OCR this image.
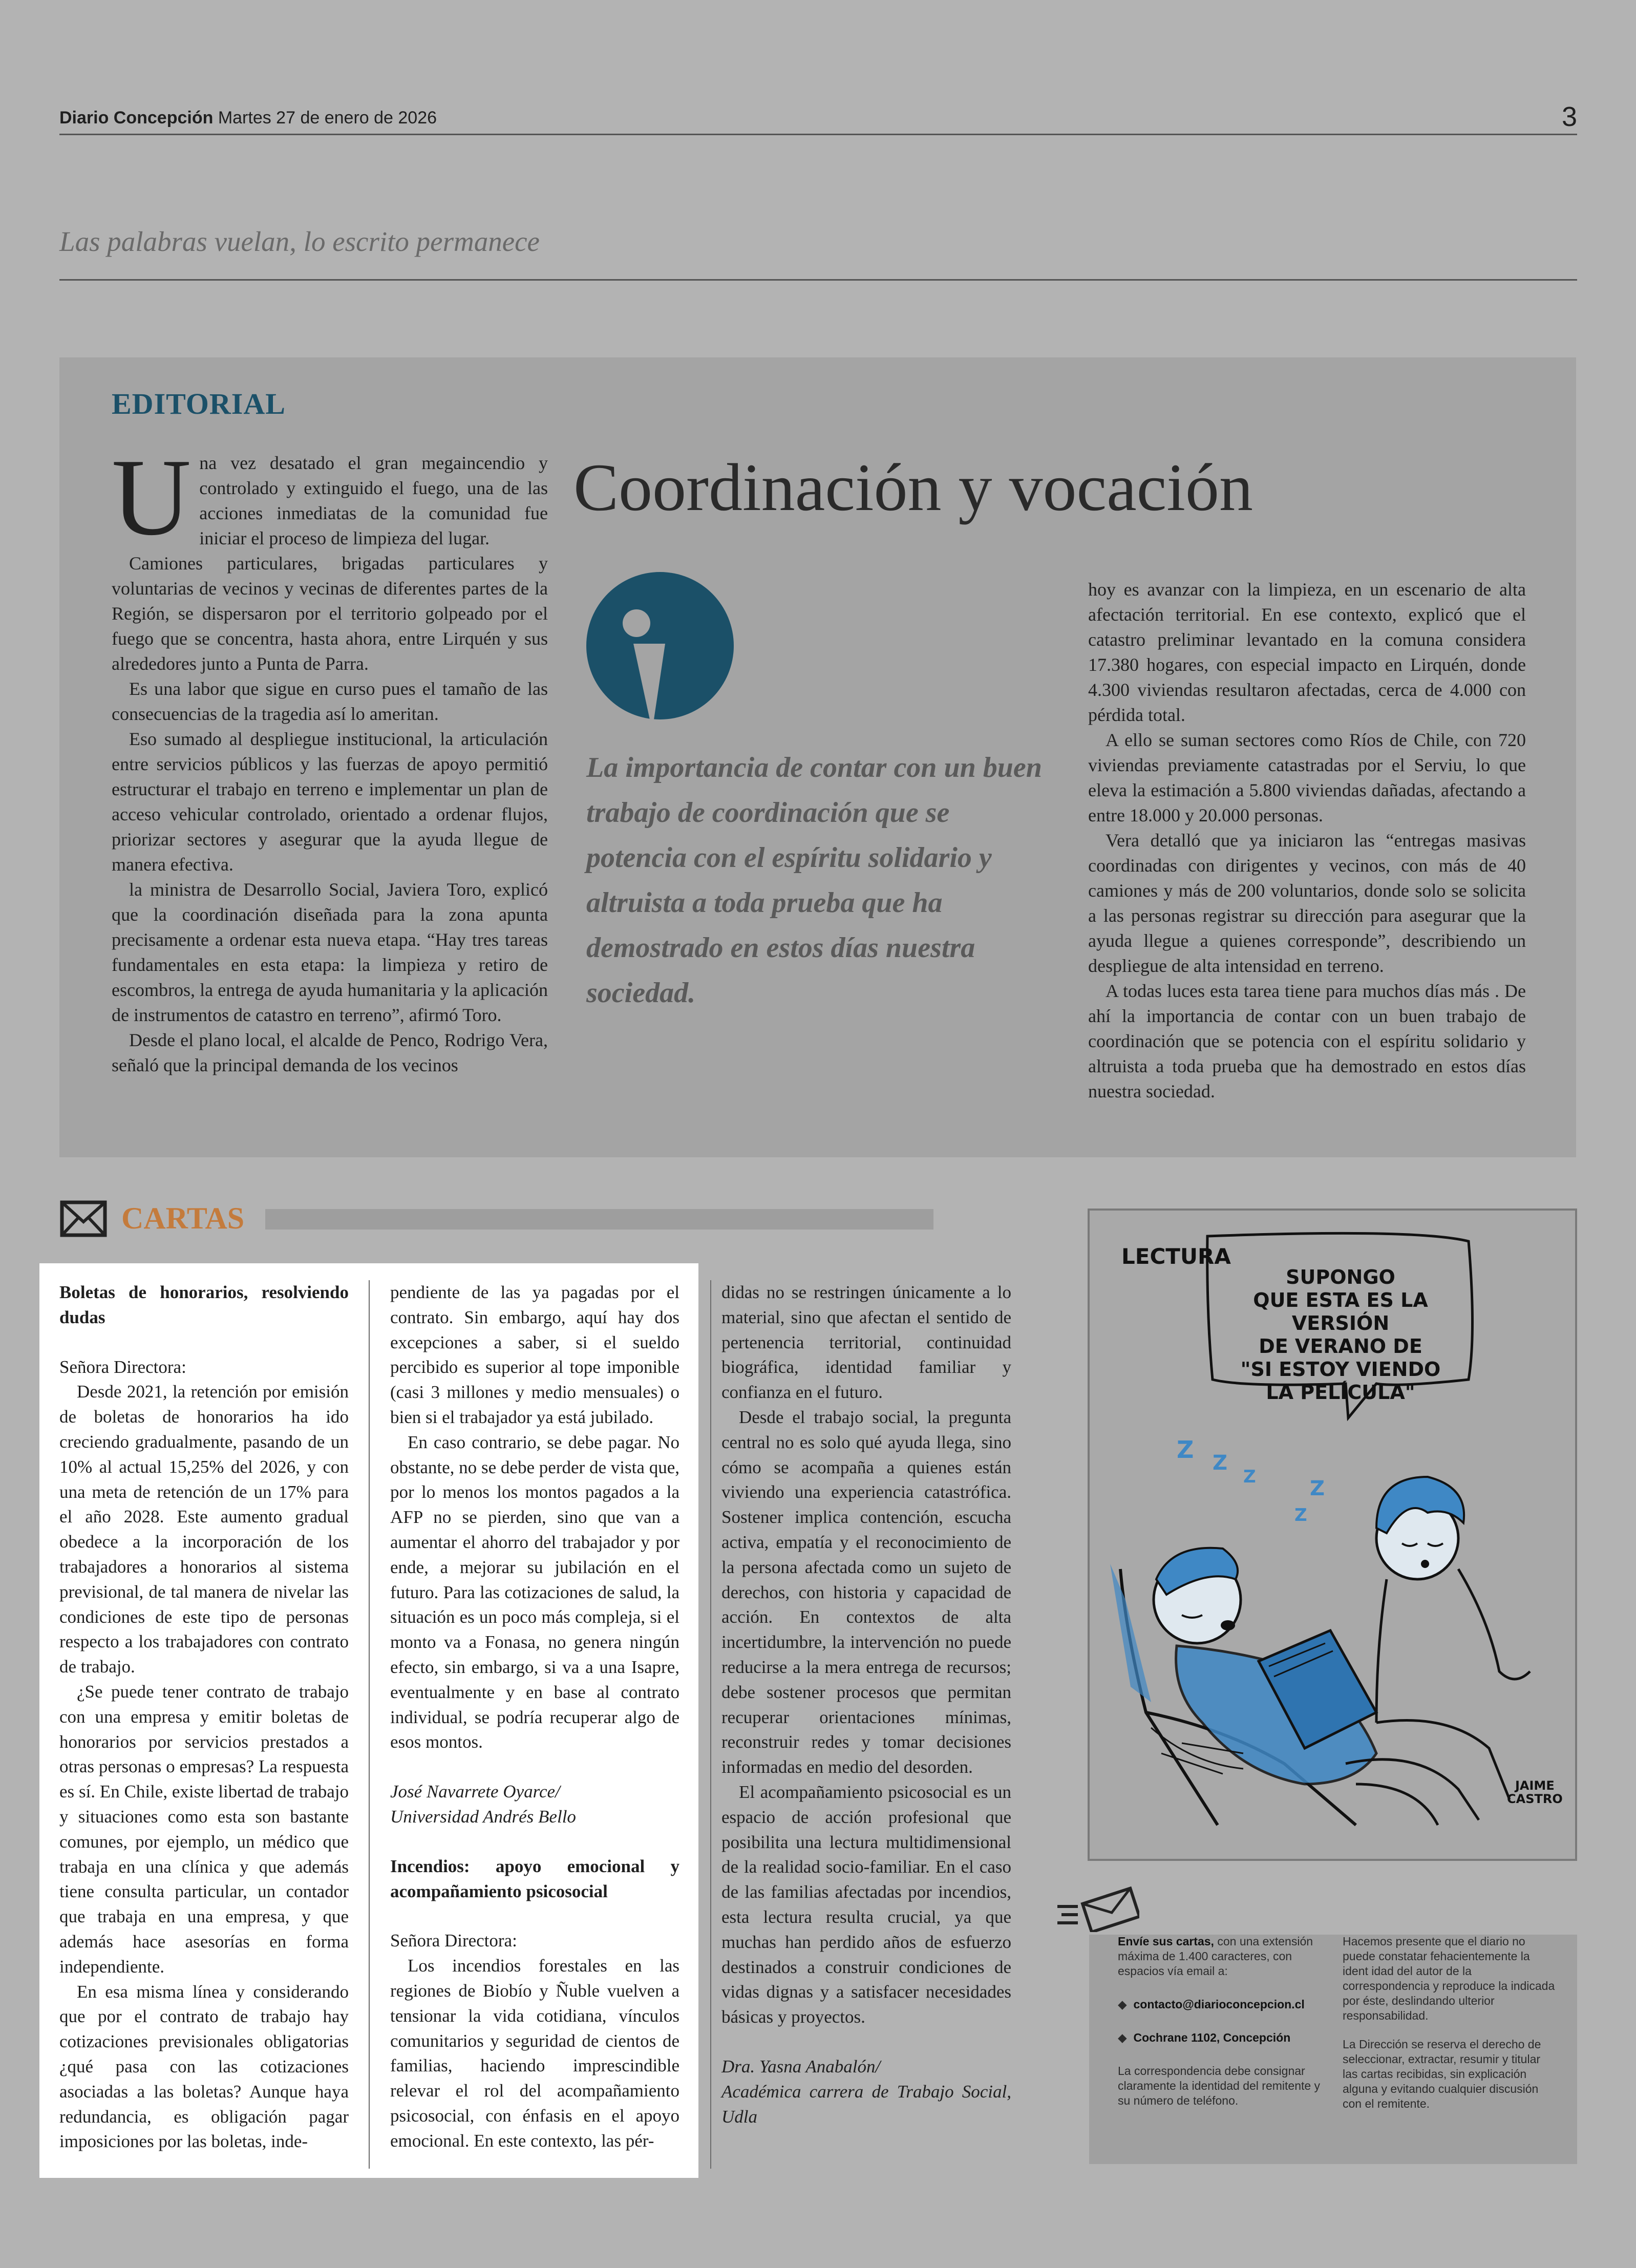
Diario Concepción Martes 27 de enero de 2026	3
Las palabras vuelan, lo escrito permanece
EDITORIAL
U na vez desatado el gran megaincendio y controlado y extinguido el fuego, una de las acciones inmediatas de la comunidad fue iniciar el proceso de limpieza del lugar.

Camiones particulares, brigadas particulares y voluntarias de vecinos y vecinas de diferentes partes de la Región, se dispersaron por el territorio golpeado por el fuego que se concentra, hasta ahora, entre Lirquén y sus alrededores junto a Punta de Parra.

Es una labor que sigue en curso pues el tamaño de las consecuencias de la tragedia así lo ameritan.

Eso sumado al despliegue institucional, la articulación entre servicios públicos y las fuerzas de apoyo permitió estructurar el trabajo en terreno e implementar un plan de acceso vehicular controlado, orientado a ordenar flujos, priorizar sectores y asegurar que la ayuda llegue de manera efectiva.

la ministra de Desarrollo Social, Javiera Toro, explicó que la coordinación diseñada para la zona apunta precisamente a ordenar esta nueva etapa. “Hay tres tareas fundamentales en esta etapa: la limpieza y retiro de escombros, la entrega de ayuda humanitaria y la aplicación de instrumentos de catastro en terreno”, afirmó Toro.

Desde el plano local, el alcalde de Penco, Rodrigo Vera, señaló que la principal demanda de los vecinos

Coordinación y vocación
La importancia de contar con un buen trabajo de coordinación que se potencia con el espíritu solidario y altruista a toda prueba que ha demostrado en estos días nuestra sociedad.

hoy es avanzar con la limpieza, en un escenario de alta afectación territorial. En ese contexto, explicó que el catastro preliminar levantado en la comuna considera 17.380 hogares, con especial impacto en Lirquén, donde 4.300 viviendas resultaron afectadas, cerca de 4.000 con pérdida total.

A ello se suman sectores como Ríos de Chile, con 720 viviendas previamente catastradas por el Serviu, lo que eleva la estimación a 5.800 viviendas dañadas, afectando a entre 18.000 y 20.000 personas.

Vera detalló que ya iniciaron las “entregas masivas coordinadas con dirigentes y vecinos, con más de 40 camiones y más de 200 voluntarios, donde solo se solicita a las personas registrar su dirección para asegurar que la ayuda llegue a quienes corresponde”, describiendo un despliegue de alta intensidad en terreno.

A todas luces esta tarea tiene para muchos días más . De ahí la importancia de contar con un buen trabajo de coordinación que se potencia con el espíritu solidario y altruista a toda prueba que ha demostrado en estos días nuestra sociedad.

CARTAS
Boletas de honorarios, resolviendo dudas

Señora Directora:

Desde 2021, la retención por emisión de boletas de honorarios ha ido creciendo gradualmente, pasando de un 10% al actual 15,25% del 2026, y con una meta de retención de un 17% para el año 2028. Este aumento gradual obedece a la incorporación de los trabajadores a honorarios al sistema previsional, de tal manera de nivelar las condiciones de este tipo de personas respecto a los trabajadores con contrato de trabajo.

¿Se puede tener contrato de trabajo con una empresa y emitir boletas de honorarios por servicios prestados a otras personas o empresas? La respuesta es sí. En Chile, existe libertad de trabajo y situaciones como esta son bastante comunes, por ejemplo, un médico que trabaja en una clínica y que además tiene consulta particular, un contador que trabaja en una empresa, y que además hace asesorías en forma independiente.

En esa misma línea y considerando que por el contrato de trabajo hay cotizaciones previsionales obligatorias ¿qué pasa con las cotizaciones asociadas a las boletas? Aunque haya redundancia, es obligación pagar imposiciones por las boletas, inde-

pendiente de las ya pagadas por el contrato. Sin embargo, aquí hay dos excepciones a saber, si el sueldo percibido es superior al tope imponible (casi 3 millones y medio mensuales) o bien si el trabajador ya está jubilado.

En caso contrario, se debe pagar. No obstante, no se debe perder de vista que, por lo menos los montos pagados a la AFP no se pierden, sino que van a aumentar el ahorro del trabajador y por ende, a mejorar su jubilación en el futuro. Para las cotizaciones de salud, la situación es un poco más compleja, si el monto va a Fonasa, no genera ningún efecto, sin embargo, si va a una Isapre, eventualmente y en base al contrato individual, se podría recuperar algo de esos montos.

José Navarrete Oyarce/

Universidad Andrés Bello

Incendios: apoyo emocional y acompañamiento psicosocial

Señora Directora:

Los incendios forestales en las regiones de Biobío y Ñuble vuelven a tensionar la vida cotidiana, vínculos comunitarios y seguridad de cientos de familias, haciendo imprescindible relevar el rol del acompañamiento psicosocial, con énfasis en el apoyo emocional. En este contexto, las pér-

didas no se restringen únicamente a lo material, sino que afectan el sentido de pertenencia territorial, continuidad biográfica, identidad familiar y confianza en el futuro.

Desde el trabajo social, la pregunta central no es solo qué ayuda llega, sino cómo se acompaña a quienes están viviendo una experiencia catastrófica. Sostener implica contención, escucha activa, empatía y el reconocimiento de la persona afectada como un sujeto de derechos, con historia y capacidad de acción. En contextos de alta incertidumbre, la intervención no puede reducirse a la mera entrega de recursos; debe sostener procesos que permitan recuperar orientaciones mínimas, reconstruir redes y tomar decisiones informadas en medio del desorden.

El acompañamiento psicosocial es un espacio de acción profesional que posibilita una lectura multidimensional de la realidad socio-familiar. En el caso de las familias afectadas por incendios, esta lectura resulta crucial, ya que muchas han perdido años de esfuerzo destinados a construir condiciones de vidas dignas y a satisfacer necesidades básicas y proyectos.

Dra. Yasna Anabalón/

Académica carrera de Trabajo Social, Udla

LECTURA
SUPONGO
QUE ESTA ES LA VERSIÓN
DE VERANO DE
"SI ESTOY VIENDO
LA PELÍCULA"
Z Z
Z	Z
Z
JAIME
CASTRO

Envíe sus cartas, con una extensión máxima de 1.400 caracteres, con espacios vía email a:

◆ contacto@diarioconcepcion.cl

◆ Cochrane 1102, Concepción

La correspondencia debe consignar claramente la identidad del remitente y su número de teléfono.

Hacemos presente que el diario no puede constatar fehacientemente la ident idad del autor de la correspondencia y reproduce la indicada por éste, deslindando ulterior responsabilidad.

La Dirección se reserva el derecho de seleccionar, extractar, resumir y titular las cartas recibidas, sin explicación alguna y evitando cualquier discusión con el remitente.
